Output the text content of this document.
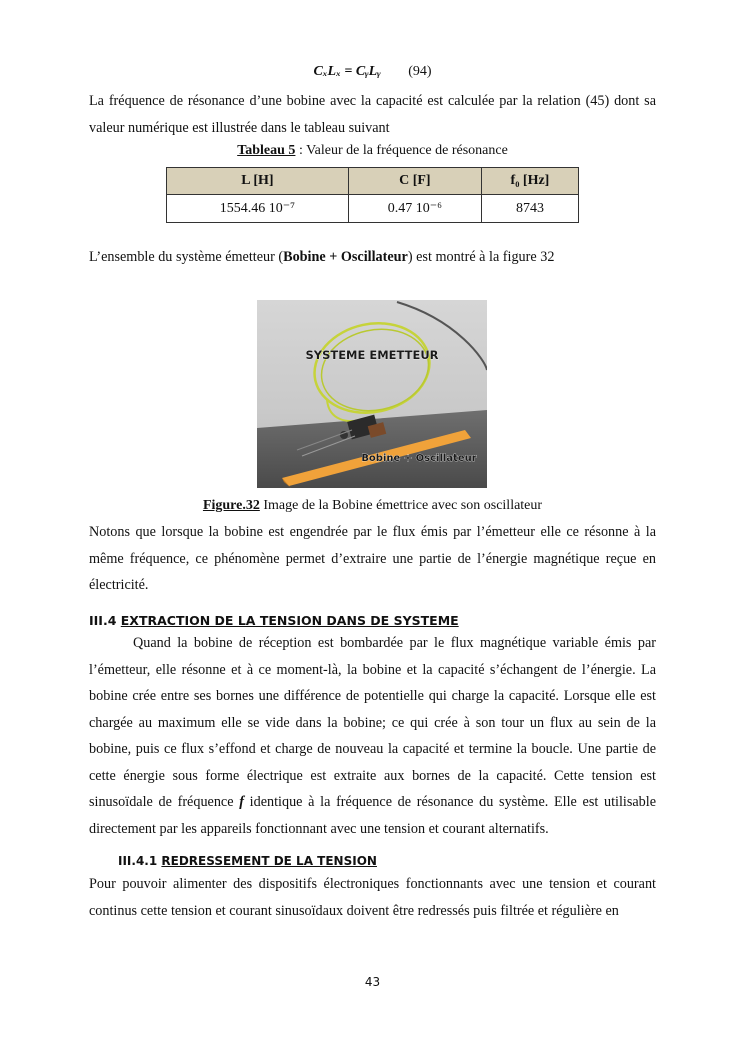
CₓLₓ = CᵧLᵧ (94)
La fréquence de résonance d’une bobine avec la capacité est calculée par la relation (45) dont sa valeur numérique est illustrée dans le tableau suivant
Tableau 5 : Valeur de la fréquence de résonance
L [H]	C [F]	f₀ [Hz]
1554.46 10⁻⁷	0.47 10⁻⁶	8743
L’ensemble du système émetteur (Bobine + Oscillateur) est montré à la figure 32
SYSTEME EMETTEUR
Bobine + Oscillateur
Figure.32 Image de la Bobine émettrice avec son oscillateur
Notons que lorsque la bobine est engendrée par le flux émis par l’émetteur elle ce résonne à la même fréquence, ce phénomène permet d’extraire une partie de l’énergie magnétique reçue en électricité.
III.4 EXTRACTION DE LA TENSION DANS DE SYSTEME
Quand la bobine de réception est bombardée par le flux magnétique variable émis par l’émetteur, elle résonne et à ce moment-là, la bobine et la capacité s’échangent de l’énergie. La bobine crée entre ses bornes une différence de potentielle qui charge la capacité. Lorsque elle est chargée au maximum elle se vide dans la bobine; ce qui crée à son tour un flux au sein de la bobine, puis ce flux s’effond et charge de nouveau la capacité et termine la boucle. Une partie de cette énergie sous forme électrique est extraite aux bornes de la capacité. Cette tension est sinusoïdale de fréquence f identique à la fréquence de résonance du système. Elle est utilisable directement par les appareils fonctionnant avec une tension et courant alternatifs.
III.4.1 REDRESSEMENT DE LA TENSION
Pour pouvoir alimenter des dispositifs électroniques fonctionnants avec une tension et courant continus cette tension et courant sinusoïdaux doivent être redressés puis filtrée et régulière en
43
